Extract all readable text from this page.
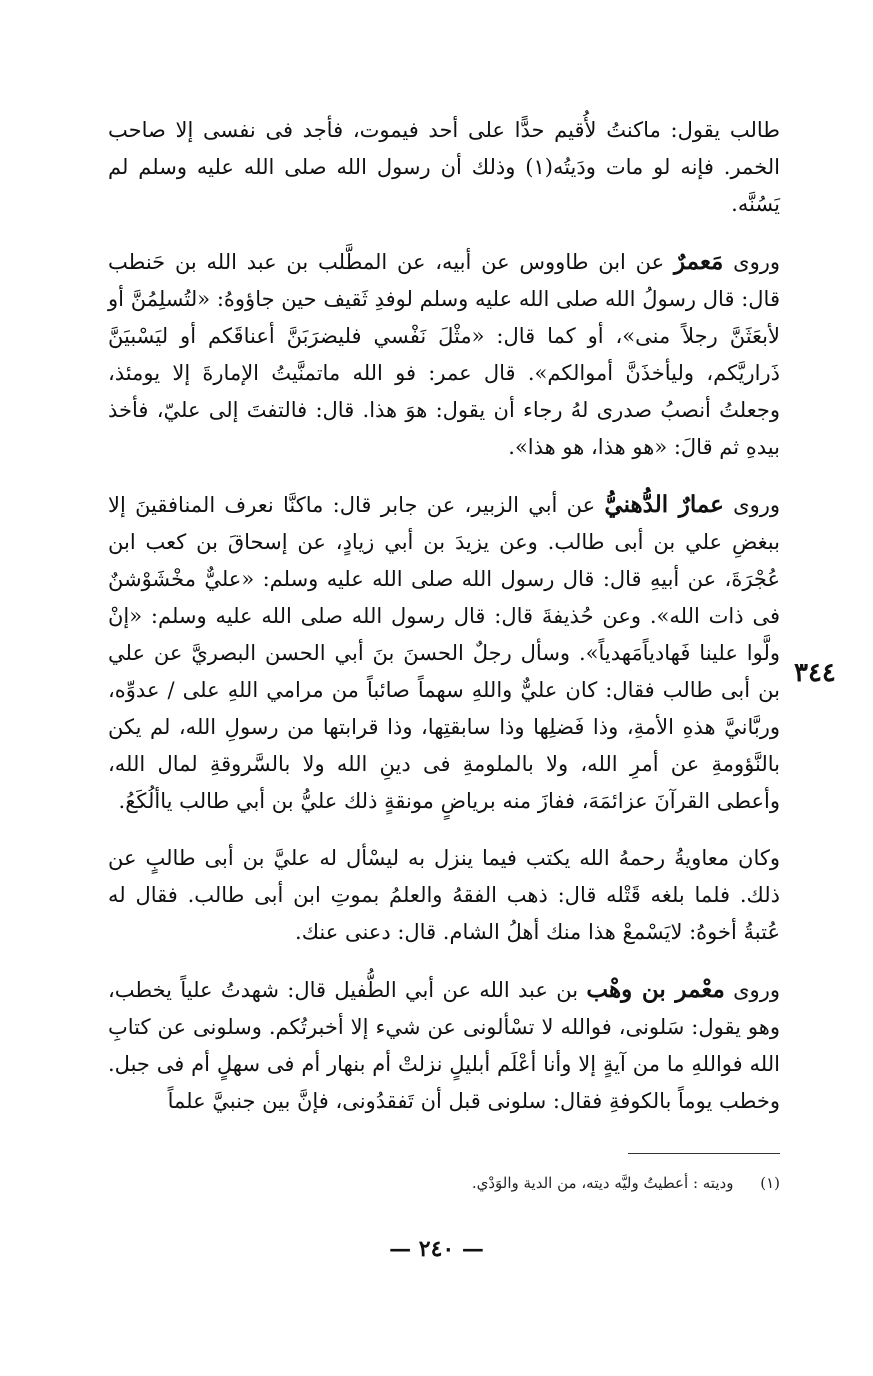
طالب يقول: ماكنتُ لأُقيم حدًّا على أحد فيموت، فأجد فى نفسى إلا صاحب الخمر. فإنه لو مات ودَيتُه(١) وذلك أن رسول الله صلى الله عليه وسلم لم يَسُنَّه.

وروى مَعمرٌ عن ابن طاووس عن أبيه، عن المطَّلب بن عبد الله بن حَنطب قال: قال رسولُ الله صلى الله عليه وسلم لوفدِ ثَقيف حين جاؤوهُ: «لتُسلِمُنَّ أو لأبعَثَنَّ رجلاً منى»، أو كما قال: «مثْلَ نَفْسي فليضرَبَنَّ أعناقَكم أو ليَسْبيَنَّ ذَراريَّكم، وليأخذَنَّ أموالكم». قال عمر: فو الله ماتمنَّيتُ الإمارةَ إلا يومئذ، وجعلتُ أنصبُ صدرى لهُ رجاء أن يقول: هوَ هذا. قال: فالتفتَ إلى عليّ، فأخذ بيدهِ ثم قالَ: «هو هذا، هو هذا».

وروى عمارٌ الدُّهنيُّ عن أبي الزبير، عن جابر قال: ماكنَّا نعرف المنافقينَ إلا ببغضِ علي بن أبى طالب. وعن يزيدَ بن أبي زيادٍ، عن إسحاقَ بن كعب ابن عُجْرَةَ، عن أبيهِ قال: قال رسول الله صلى الله عليه وسلم: «عليٌّ مخْشَوْشنٌ فى ذات الله». وعن حُذيفةَ قال: قال رسول الله صلى الله عليه وسلم: «إنْ ولَّوا علينا فَهادياًمَهدياً». وسأل رجلٌ الحسنَ بنَ أبي الحسن البصريَّ عن علي بن أبى طالب فقال: كان عليٌّ واللهِ سهماً صائباً من مرامي اللهِ على / عدوِّه، وربَّانيَّ هذهِ الأمةِ، وذا فَضلِها وذا سابقتِها، وذا قرابتها من رسولِ الله، لم يكن بالنَّؤومةِ عن أمرِ الله، ولا بالملومةِ فى دينِ الله ولا بالسَّروقةِ لمال الله، وأعطى القرآنَ عزائمَهَ، ففازَ منه برياضٍ مونقةٍ ذلك عليُّ بن أبي طالب ياألُكَعُ.

وكان معاويةُ رحمهُ الله يكتب فيما ينزل به ليسْأل له عليَّ بن أبى طالبٍ عن ذلك. فلما بلغه قَتْله قال: ذهب الفقهُ والعلمُ بموتِ ابن أبى طالب. فقال له عُتبةُ أخوهُ: لايَسْمعْ هذا منك أهلُ الشام. قال: دعنى عنك.

وروى معْمر بن وهْب بن عبد الله عن أبي الطُّفيل قال: شهدتُ علياً يخطب، وهو يقول: سَلونى، فوالله لا تسْألونى عن شيء إلا أخبرتُكم. وسلونى عن كتابِ الله فواللهِ ما من آيةٍ إلا وأنا أعْلَم أبليلٍ نزلتْ أم بنهار أم فى سهلٍ أم فى جبل. وخطب يوماً بالكوفةِ فقال: سلونى قبل أن تَفقدُونى، فإنَّ بين جنبيَّ علماً

٣٤٤
(١) وديته : أعطيتُ وليَّه ديته، من الدية والوَدْي.
— ٢٤٠ —
